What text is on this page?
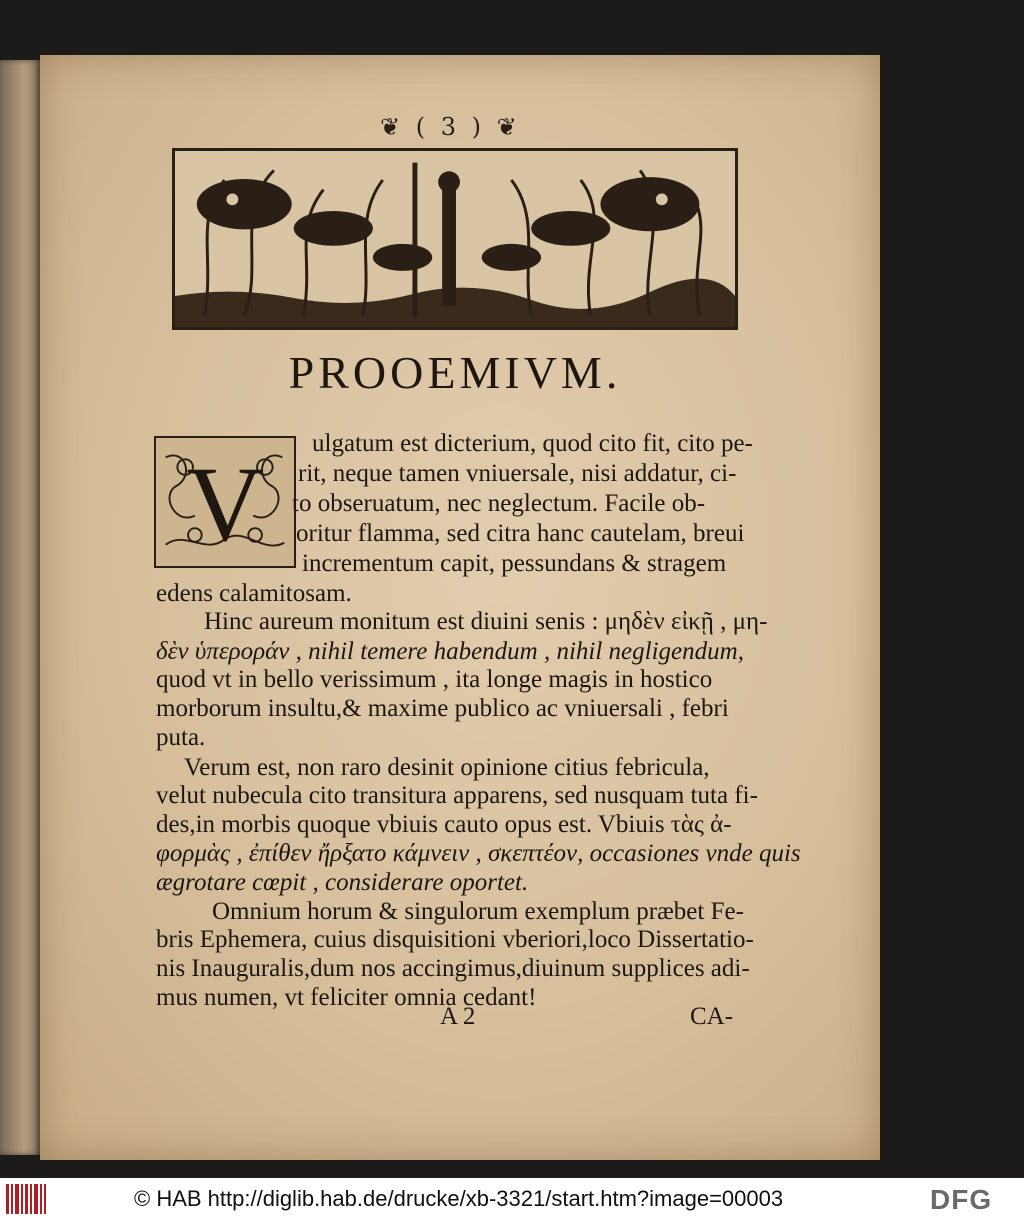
❦ ( 3 ) ❦
PROOEMIVM.
V
ulgatum est dicterium, quod cito fit, cito pe-
rit, neque tamen vniuersale, nisi addatur, ci-
to obseruatum, nec neglectum. Facile ob-
oritur flamma, sed citra hanc cautelam, breui
incrementum capit, pessundans & stragem
edens calamitosam.
Hinc aureum monitum est diuini senis : μηδὲν εἰκῇ , μη-
δὲν ὑπεροράν , nihil temere habendum , nihil negligendum,
quod vt in bello verissimum , ita longe magis in hostico
morborum insultu,& maxime publico ac vniuersali , febri
puta.
Verum est, non raro desinit opinione citius febricula,
velut nubecula cito transitura apparens, sed nusquam tuta fi-
des,in morbis quoque vbiuis cauto opus est. Vbiuis τὰς ἀ-
φορμὰς , ἐπίθεν ἤρξατο κάμνειν , σκεπτέον, occasiones vnde quis
ægrotare cœpit , considerare oportet.
Omnium horum & singulorum exemplum præbet Fe-
bris Ephemera, cuius disquisitioni vberiori,loco Dissertatio-
nis Inauguralis,dum nos accingimus,diuinum supplices adi-
mus numen, vt feliciter omnia cedant!
A 2	CA-
© HAB http://diglib.hab.de/drucke/xb-3321/start.htm?image=00003	DFG
